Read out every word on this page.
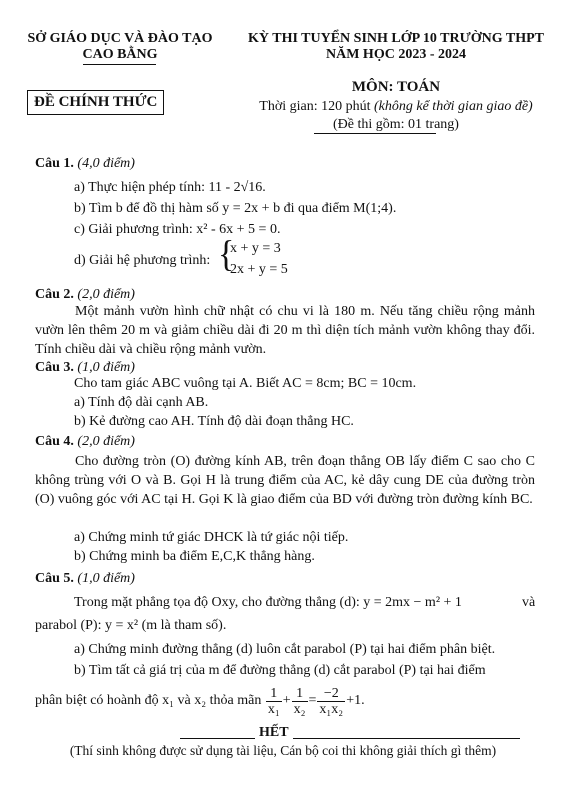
SỞ GIÁO DỤC VÀ ĐÀO TẠO
CAO BẰNG
KỲ THI TUYỂN SINH LỚP 10 TRƯỜNG THPT
NĂM HỌC 2023 - 2024
ĐỀ CHÍNH THỨC
MÔN: TOÁN
Thời gian: 120 phút (không kể thời gian giao đề)
(Đề thi gồm: 01 trang)
Câu 1. (4,0 điểm)
a) Thực hiện phép tính: 11 - 2√16.
b) Tìm b để đồ thị hàm số y = 2x + b đi qua điểm M(1;4).
c) Giải phương trình: x² - 6x + 5 = 0.
d) Giải hệ phương trình: {
x + y = 3
2x + y = 5
Câu 2. (2,0 điểm)
Một mảnh vườn hình chữ nhật có chu vi là 180 m. Nếu tăng chiều rộng mảnh vườn lên thêm 20 m và giảm chiều dài đi 20 m thì diện tích mảnh vườn không thay đổi. Tính chiều dài và chiều rộng mảnh vườn.
Câu 3. (1,0 điểm)
Cho tam giác ABC vuông tại A. Biết AC = 8cm; BC = 10cm.
a) Tính độ dài cạnh AB.
b) Kẻ đường cao AH. Tính độ dài đoạn thẳng HC.
Câu 4. (2,0 điểm)
Cho đường tròn (O) đường kính AB, trên đoạn thẳng OB lấy điểm C sao cho C không trùng với O và B. Gọi H là trung điểm của AC, kẻ dây cung DE của đường tròn (O) vuông góc với AC tại H. Gọi K là giao điểm của BD với đường tròn đường kính BC.
a) Chứng minh tứ giác DHCK là tứ giác nội tiếp.
b) Chứng minh ba điểm E,C,K thẳng hàng.
Câu 5. (1,0 điểm)
Trong mặt phẳng tọa độ Oxy, cho đường thẳng (d): y = 2mx − m² + 1	và
parabol (P): y = x² (m là tham số).
a) Chứng minh đường thẳng (d) luôn cắt parabol (P) tại hai điểm phân biệt.
b) Tìm tất cả giá trị của m để đường thẳng (d) cắt parabol (P) tại hai điểm
phân biệt có hoành độ x₁ và x₂ thỏa mãn
$\frac{1}{\text{x₁}} + \frac{1}{\text{x₂}} = \frac{-2}{\text{x₁x₂}} +1$.
HẾT
(Thí sinh không được sử dụng tài liệu, Cán bộ coi thi không giải thích gì thêm)
